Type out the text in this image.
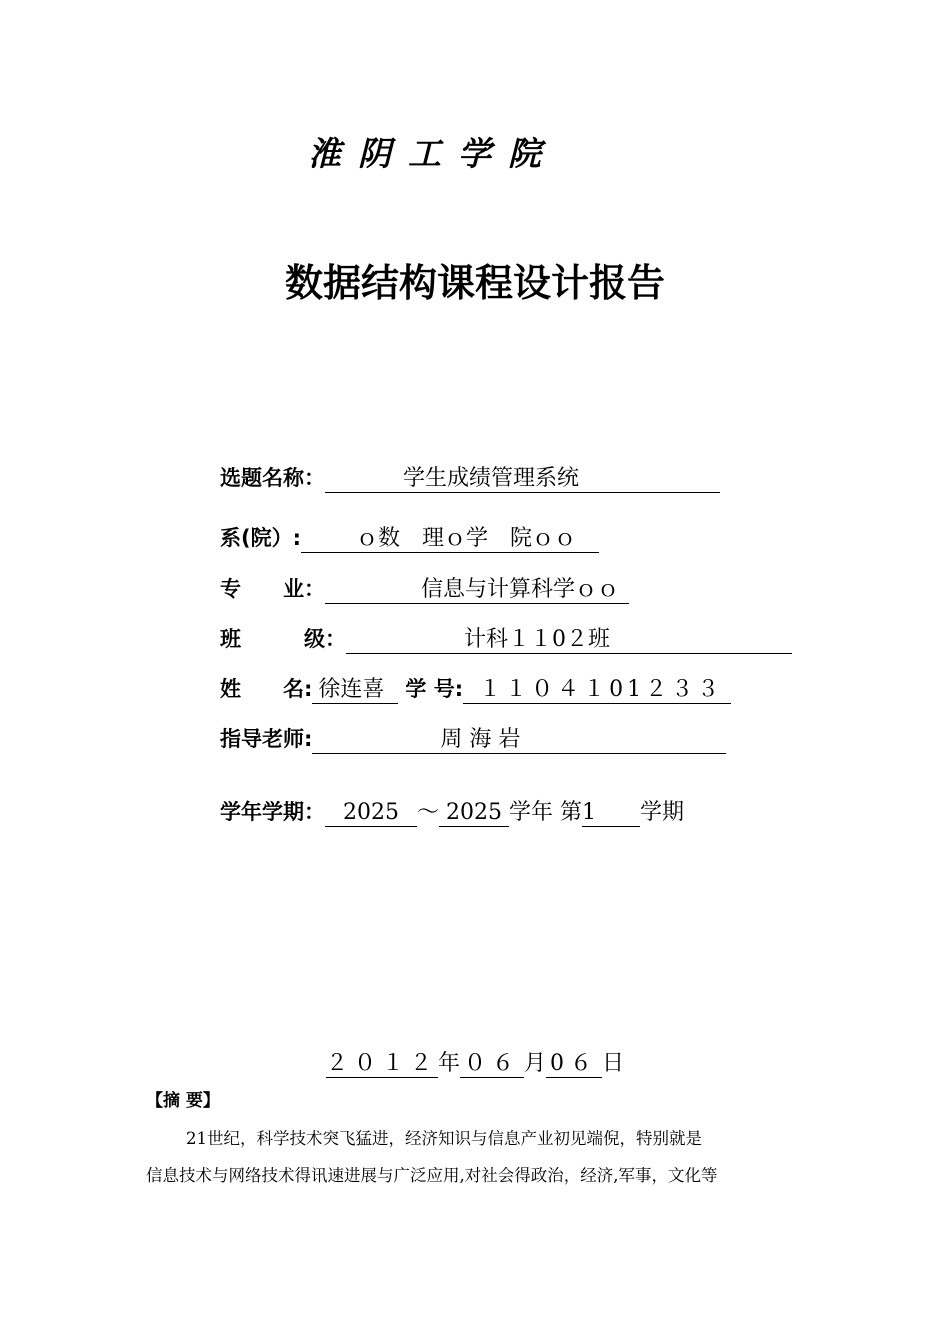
淮阴工学院
数据结构课程设计报告
选题名称：	学生成绩管理系统
系(院）:	ｏ数　理ｏ学　院ｏｏ
专　　业：	信息与计算科学ｏｏ
班　　　级：	计科１１0２班
姓　　名: 徐连喜 学 号: １１０４１01２３３
指导老师:	周 海 岩
学年学期： 2025 ～ 2025 学年 第1 学期
２０１２年 ０６ 月 0６ 日
【摘 要】
21世纪，科学技术突飞猛进，经济知识与信息产业初见端倪，特别就是
信息技术与网络技术得讯速进展与广泛应用,对社会得政治，经济,军事，文化等
